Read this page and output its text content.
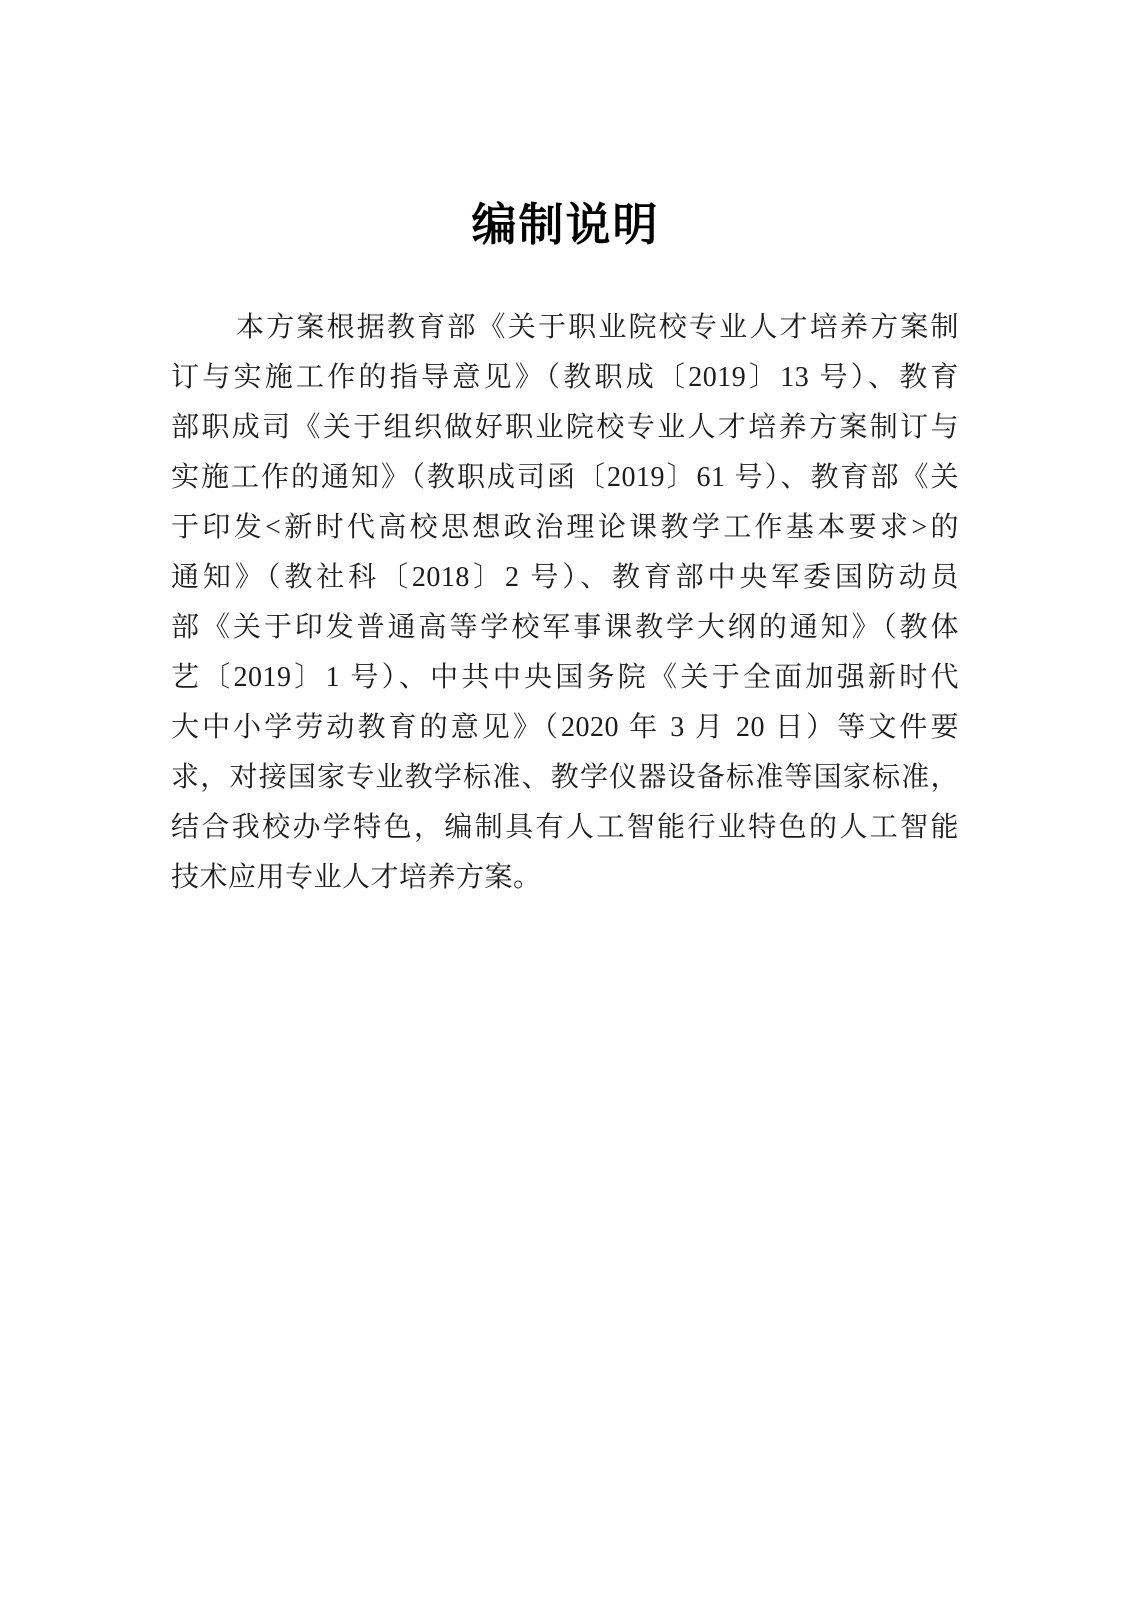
编制说明
本方案根据教育部《关于职业院校专业人才培养方案制
订与实施工作的指导意见》（教职成〔2019〕13 号）、教育
部职成司《关于组织做好职业院校专业人才培养方案制订与
实施工作的通知》（教职成司函〔2019〕61 号）、教育部《关
于印发<新时代高校思想政治理论课教学工作基本要求>的
通知》（教社科〔2018〕2 号）、教育部中央军委国防动员
部《关于印发普通高等学校军事课教学大纲的通知》（教体
艺〔2019〕1 号）、中共中央国务院《关于全面加强新时代
大中小学劳动教育的意见》（2020 年 3 月 20 日）等文件要
求，对接国家专业教学标准、教学仪器设备标准等国家标准，
结合我校办学特色，编制具有人工智能行业特色的人工智能
技术应用专业人才培养方案。
